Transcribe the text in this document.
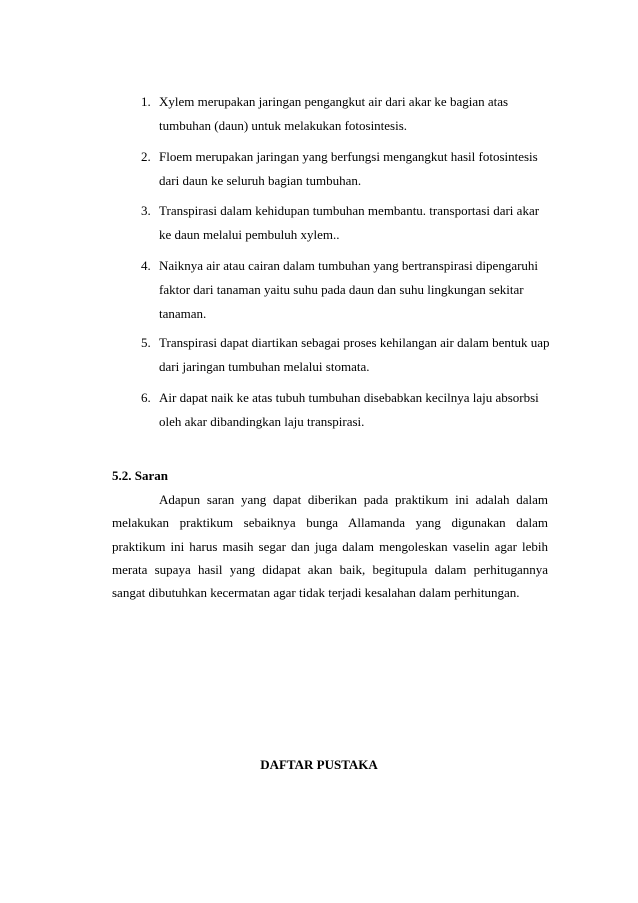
1. Xylem merupakan jaringan pengangkut air dari akar ke bagian atas
tumbuhan (daun) untuk melakukan fotosintesis.
2. Floem merupakan jaringan yang berfungsi mengangkut hasil fotosintesis
dari daun ke seluruh bagian tumbuhan.
3. Transpirasi dalam kehidupan tumbuhan membantu. transportasi dari akar
ke daun melalui pembuluh xylem..
4. Naiknya air atau cairan dalam tumbuhan yang bertranspirasi dipengaruhi
faktor dari tanaman yaitu suhu pada daun dan suhu lingkungan sekitar
tanaman.
5. Transpirasi dapat diartikan sebagai proses kehilangan air dalam bentuk uap
dari jaringan tumbuhan melalui stomata.
6. Air dapat naik ke atas tubuh tumbuhan disebabkan kecilnya laju absorbsi
oleh akar dibandingkan laju transpirasi.
5.2. Saran
Adapun saran yang dapat diberikan pada praktikum ini adalah dalam
melakukan praktikum sebaiknya bunga Allamanda yang digunakan dalam
praktikum ini harus masih segar dan juga dalam mengoleskan vaselin agar lebih
merata supaya hasil yang didapat akan baik, begitupula dalam perhitugannya
sangat dibutuhkan kecermatan agar tidak terjadi kesalahan dalam perhitungan.
DAFTAR PUSTAKA
